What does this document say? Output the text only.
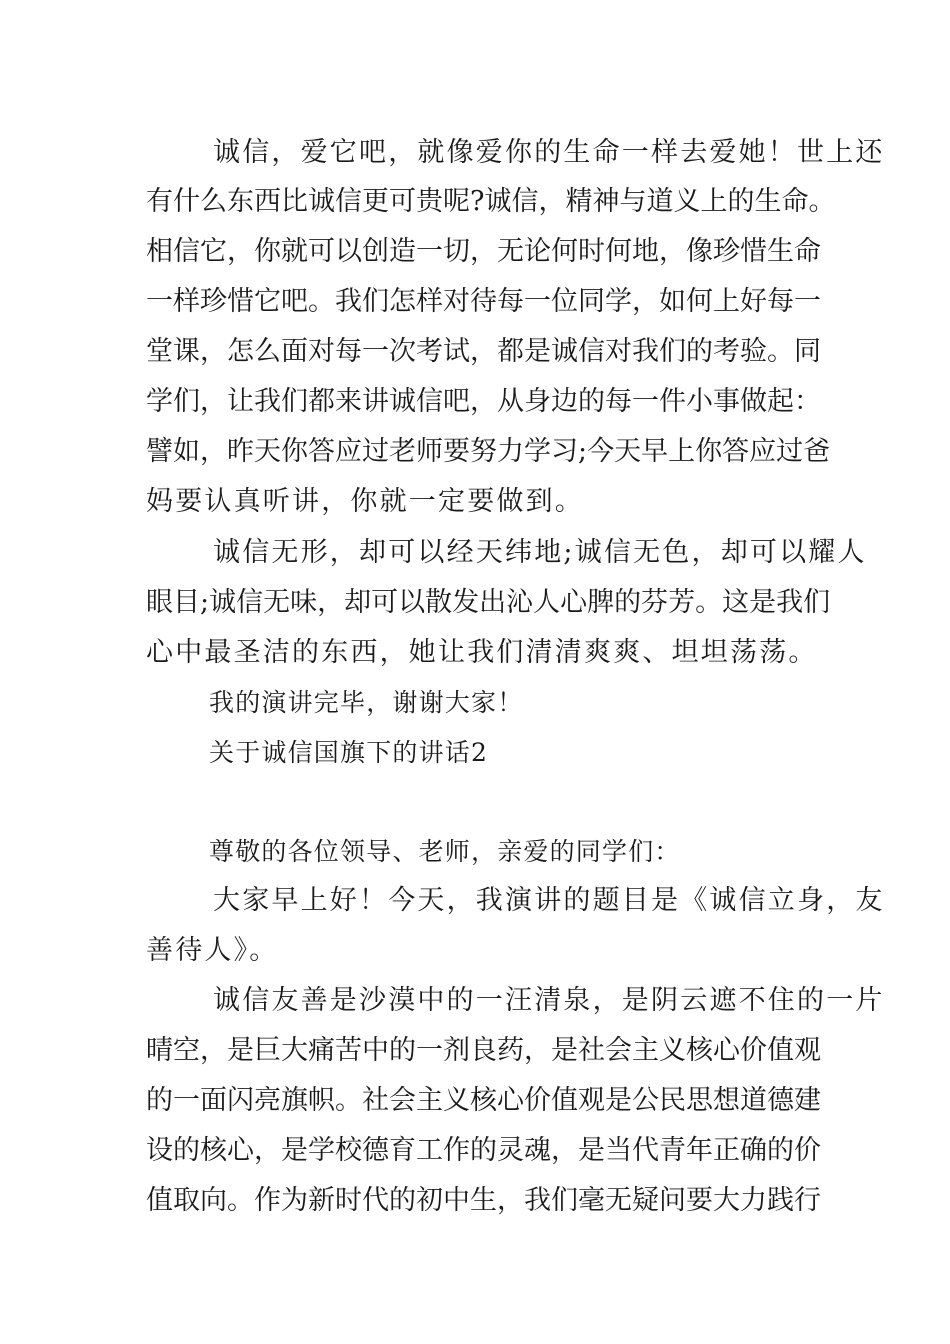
诚信，爱它吧，就像爱你的生命一样去爱她！世上还
有什么东西比诚信更可贵呢?诚信，精神与道义上的生命。
相信它，你就可以创造一切，无论何时何地，像珍惜生命
一样珍惜它吧。我们怎样对待每一位同学，如何上好每一
堂课，怎么面对每一次考试，都是诚信对我们的考验。同
学们，让我们都来讲诚信吧，从身边的每一件小事做起：
譬如，昨天你答应过老师要努力学习;今天早上你答应过爸
妈要认真听讲，你就一定要做到。
诚信无形，却可以经天纬地;诚信无色，却可以耀人
眼目;诚信无味，却可以散发出沁人心脾的芬芳。这是我们
心中最圣洁的东西，她让我们清清爽爽、坦坦荡荡。
我的演讲完毕，谢谢大家！
关于诚信国旗下的讲话2
尊敬的各位领导、老师，亲爱的同学们：
大家早上好！今天，我演讲的题目是《诚信立身，友
善待人》。
诚信友善是沙漠中的一汪清泉，是阴云遮不住的一片
晴空，是巨大痛苦中的一剂良药，是社会主义核心价值观
的一面闪亮旗帜。社会主义核心价值观是公民思想道德建
设的核心，是学校德育工作的灵魂，是当代青年正确的价
值取向。作为新时代的初中生，我们毫无疑问要大力践行
